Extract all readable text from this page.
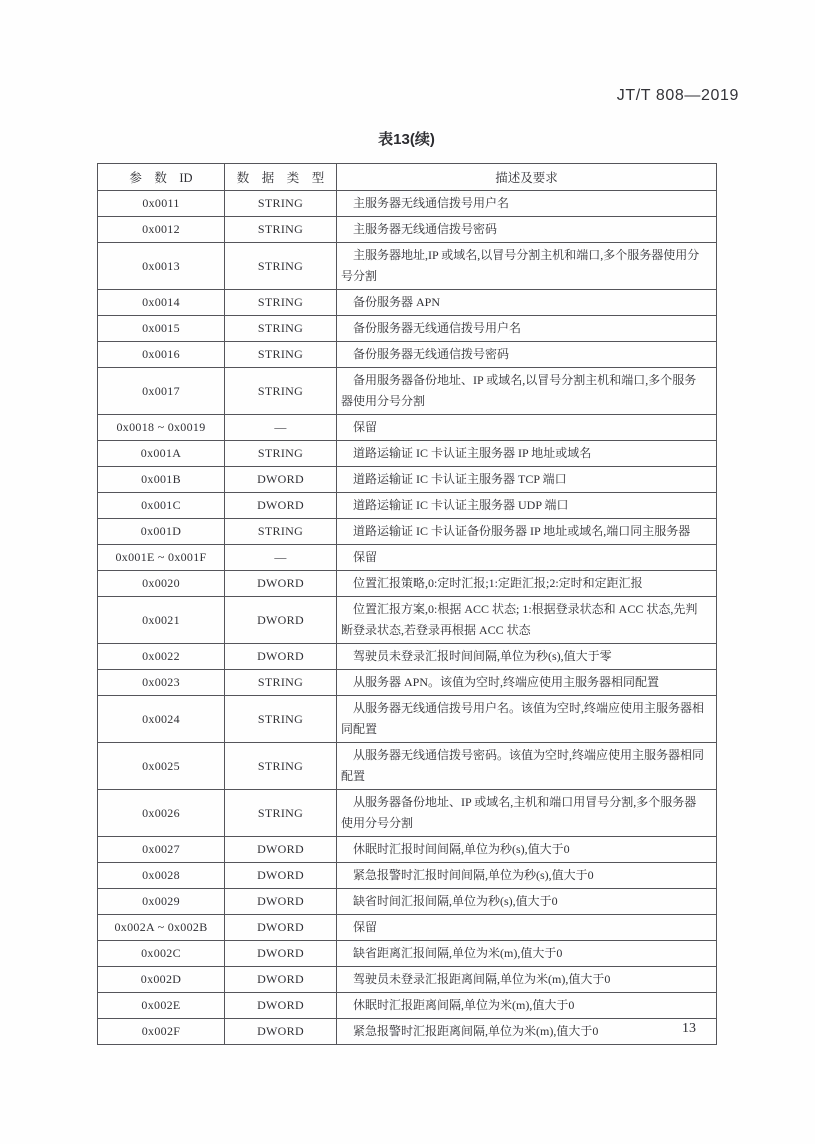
JT/T 808—2019
表13(续)
参　数　ID	数　据　类　型	描述及要求
0x0011	STRING	主服务器无线通信拨号用户名

0x0012	STRING	主服务器无线通信拨号密码

0x0013	STRING	主服务器地址,IP 或域名,以冒号分割主机和端口,多个服务器使用分号分割

0x0014	STRING	备份服务器 APN

0x0015	STRING	备份服务器无线通信拨号用户名

0x0016	STRING	备份服务器无线通信拨号密码

0x0017	STRING	备用服务器备份地址、IP 或域名,以冒号分割主机和端口,多个服务器使用分号分割

0x0018 ~ 0x0019	—	保留

0x001A	STRING	道路运输证 IC 卡认证主服务器 IP 地址或域名

0x001B	DWORD	道路运输证 IC 卡认证主服务器 TCP 端口

0x001C	DWORD	道路运输证 IC 卡认证主服务器 UDP 端口

0x001D	STRING	道路运输证 IC 卡认证备份服务器 IP 地址或域名,端口同主服务器

0x001E ~ 0x001F	—	保留

0x0020	DWORD	位置汇报策略,0:定时汇报;1:定距汇报;2:定时和定距汇报

0x0021	DWORD	位置汇报方案,0:根据 ACC 状态; 1:根据登录状态和 ACC 状态,先判断登录状态,若登录再根据 ACC 状态

0x0022	DWORD	驾驶员未登录汇报时间间隔,单位为秒(s),值大于零

0x0023	STRING	从服务器 APN。该值为空时,终端应使用主服务器相同配置

0x0024	STRING	从服务器无线通信拨号用户名。该值为空时,终端应使用主服务器相同配置

0x0025	STRING	从服务器无线通信拨号密码。该值为空时,终端应使用主服务器相同配置

0x0026	STRING	从服务器备份地址、IP 或域名,主机和端口用冒号分割,多个服务器使用分号分割

0x0027	DWORD	休眠时汇报时间间隔,单位为秒(s),值大于0

0x0028	DWORD	紧急报警时汇报时间间隔,单位为秒(s),值大于0

0x0029	DWORD	缺省时间汇报间隔,单位为秒(s),值大于0

0x002A ~ 0x002B	DWORD	保留

0x002C	DWORD	缺省距离汇报间隔,单位为米(m),值大于0

0x002D	DWORD	驾驶员未登录汇报距离间隔,单位为米(m),值大于0

0x002E	DWORD	休眠时汇报距离间隔,单位为米(m),值大于0

0x002F	DWORD	紧急报警时汇报距离间隔,单位为米(m),值大于0	13
